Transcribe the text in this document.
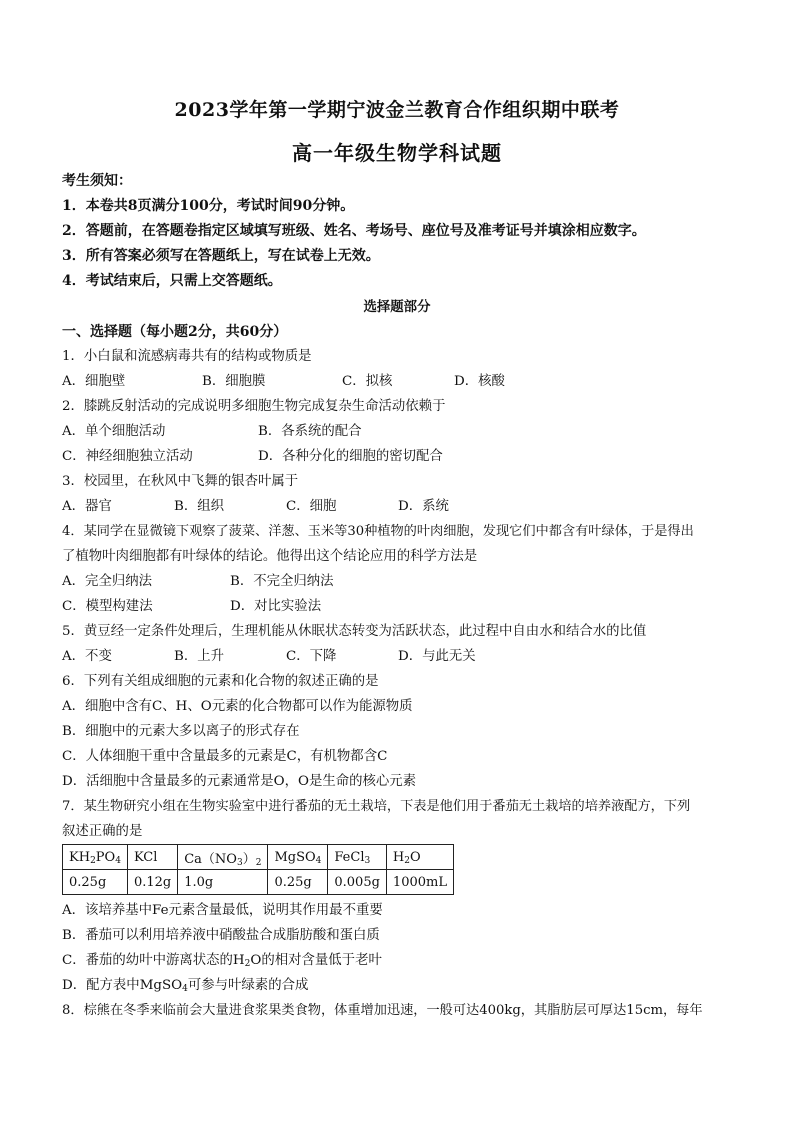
2023学年第一学期宁波金兰教育合作组织期中联考
高一年级生物学科试题
考生须知：
1．本卷共8页满分100分，考试时间90分钟。
2．答题前，在答题卷指定区域填写班级、姓名、考场号、座位号及准考证号并填涂相应数字。
3．所有答案必须写在答题纸上，写在试卷上无效。
4．考试结束后，只需上交答题纸。
选择题部分
一、选择题（每小题2分，共60分）
1．小白鼠和流感病毒共有的结构或物质是
A．细胞壁	B．细胞膜	C．拟核	D．核酸
2．膝跳反射活动的完成说明多细胞生物完成复杂生命活动依赖于
A．单个细胞活动	B．各系统的配合
C．神经细胞独立活动	D．各种分化的细胞的密切配合
3．校园里，在秋风中飞舞的银杏叶属于
A．器官	B．组织	C．细胞	D．系统
4．某同学在显微镜下观察了菠菜、洋葱、玉米等30种植物的叶肉细胞，发现它们中都含有叶绿体，于是得出
了植物叶肉细胞都有叶绿体的结论。他得出这个结论应用的科学方法是
A．完全归纳法	B．不完全归纳法
C．模型构建法	D．对比实验法
5．黄豆经一定条件处理后，生理机能从休眠状态转变为活跃状态，此过程中自由水和结合水的比值
A．不变	B．上升	C．下降	D．与此无关
6．下列有关组成细胞的元素和化合物的叙述正确的是
A．细胞中含有C、H、O元素的化合物都可以作为能源物质
B．细胞中的元素大多以离子的形式存在
C．人体细胞干重中含量最多的元素是C，有机物都含C
D．活细胞中含量最多的元素通常是O，O是生命的核心元素
7．某生物研究小组在生物实验室中进行番茄的无土栽培，下表是他们用于番茄无土栽培的培养液配方，下列
叙述正确的是
$KH_2PO_4$	KCl	$Ca(NO_3)_2$	MgSO$_4$	FeCl$_3$	$H_2O$
0.25g	0.12g	1.0g	0.25g	0.005g	1000mL
A．该培养基中Fe元素含量最低，说明其作用最不重要
B．番茄可以利用培养液中硝酸盐合成脂肪酸和蛋白质
C．番茄的幼叶中游离状态的$H_2O$的相对含量低于老叶
D．配方表中MgSO$_4$可参与叶绿素的合成
8．棕熊在冬季来临前会大量进食浆果类食物，体重增加迅速，一般可达400kg，其脂肪层可厚达15cm，每年
